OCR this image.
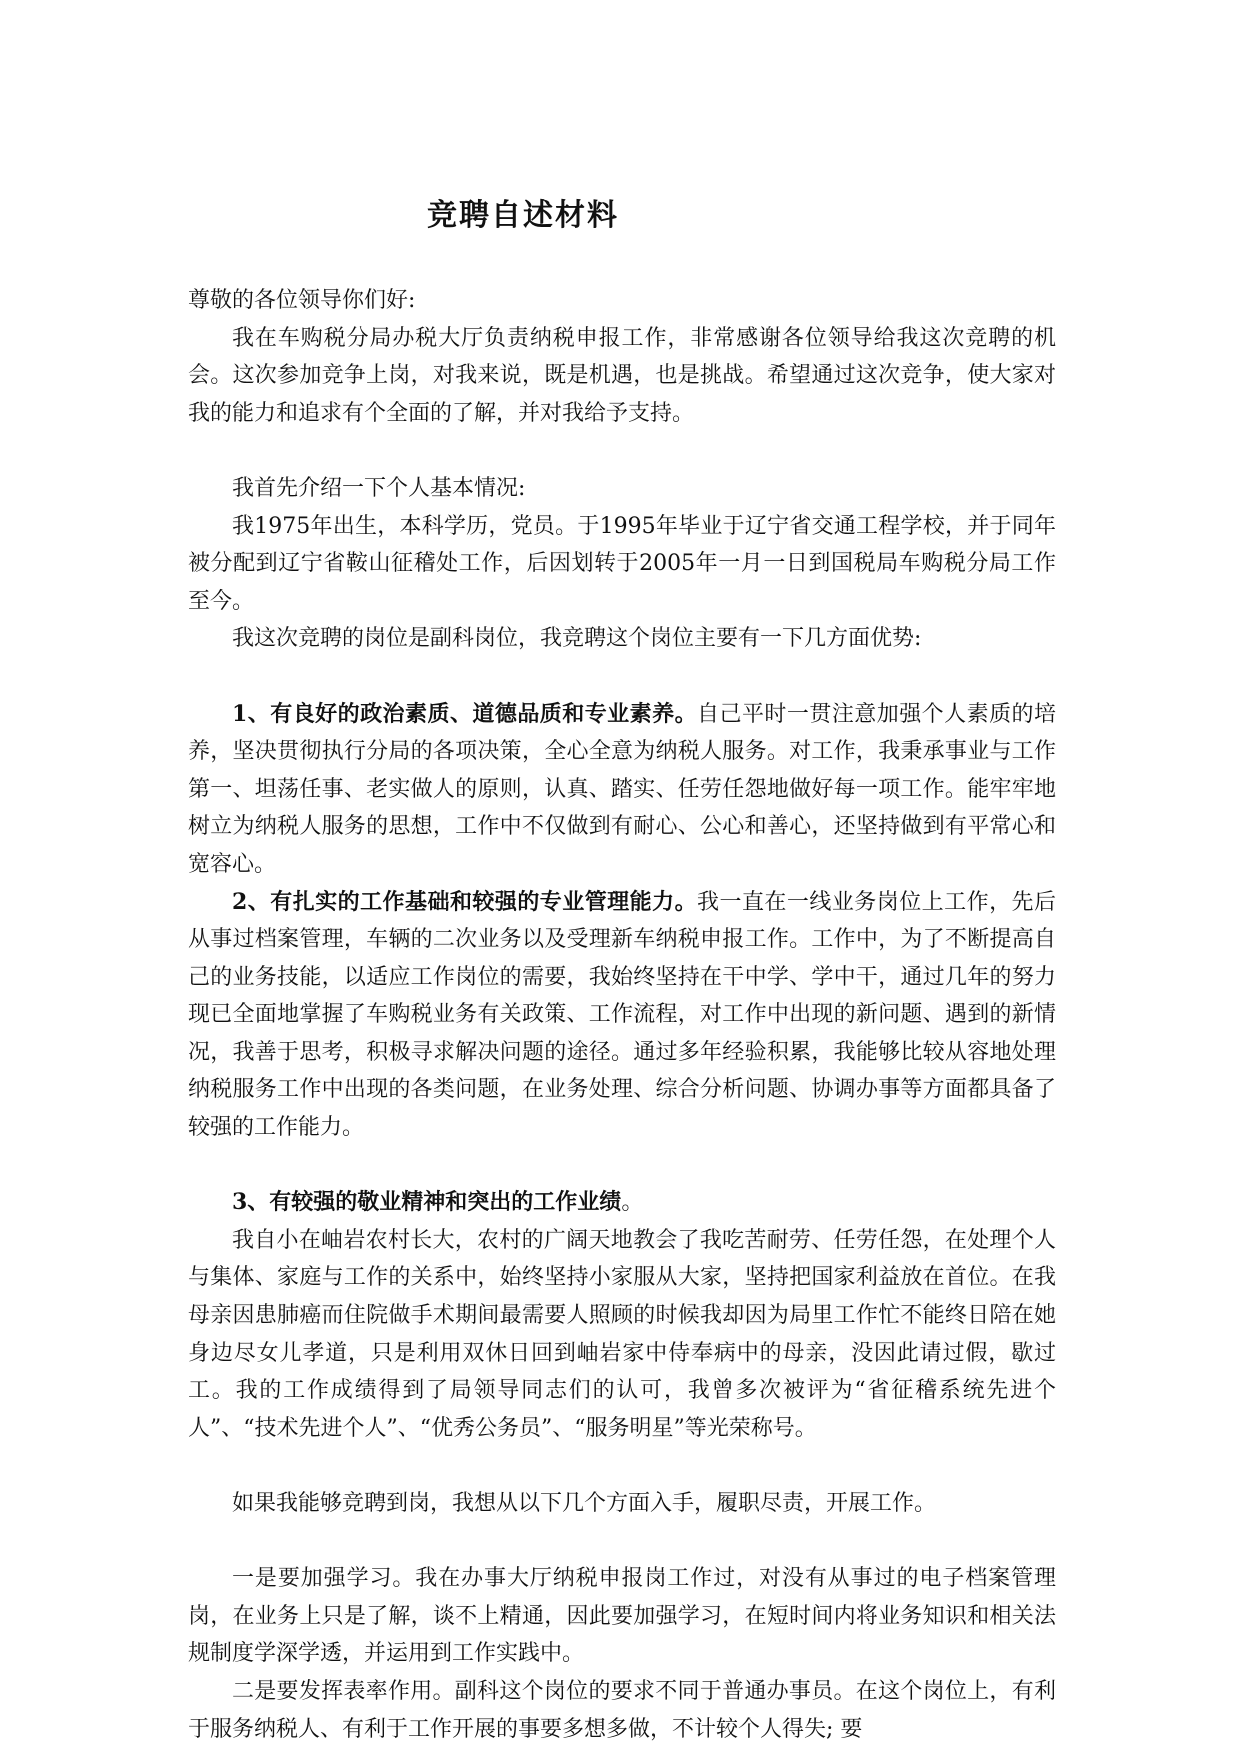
竞聘自述材料

尊敬的各位领导你们好:

我在车购税分局办税大厅负责纳税申报工作，非常感谢各位领导给我这次竞聘的机会。这次参加竞争上岗，对我来说，既是机遇，也是挑战。希望通过这次竞争，使大家对我的能力和追求有个全面的了解，并对我给予支持。

我首先介绍一下个人基本情况:

我1975年出生，本科学历，党员。于1995年毕业于辽宁省交通工程学校，并于同年被分配到辽宁省鞍山征稽处工作，后因划转于2005年一月一日到国税局车购税分局工作至今。

我这次竞聘的岗位是副科岗位，我竞聘这个岗位主要有一下几方面优势:

1、有良好的政治素质、道德品质和专业素养。自己平时一贯注意加强个人素质的培养，坚决贯彻执行分局的各项决策，全心全意为纳税人服务。对工作，我秉承事业与工作第一、坦荡任事、老实做人的原则，认真、踏实、任劳任怨地做好每一项工作。能牢牢地树立为纳税人服务的思想，工作中不仅做到有耐心、公心和善心，还坚持做到有平常心和宽容心。

2、有扎实的工作基础和较强的专业管理能力。我一直在一线业务岗位上工作，先后从事过档案管理，车辆的二次业务以及受理新车纳税申报工作。工作中，为了不断提高自己的业务技能，以适应工作岗位的需要，我始终坚持在干中学、学中干，通过几年的努力现已全面地掌握了车购税业务有关政策、工作流程，对工作中出现的新问题、遇到的新情况，我善于思考，积极寻求解决问题的途径。通过多年经验积累，我能够比较从容地处理纳税服务工作中出现的各类问题，在业务处理、综合分析问题、协调办事等方面都具备了较强的工作能力。

3、有较强的敬业精神和突出的工作业绩。

我自小在岫岩农村长大，农村的广阔天地教会了我吃苦耐劳、任劳任怨，在处理个人与集体、家庭与工作的关系中，始终坚持小家服从大家，坚持把国家利益放在首位。在我母亲因患肺癌而住院做手术期间最需要人照顾的时候我却因为局里工作忙不能终日陪在她身边尽女儿孝道，只是利用双休日回到岫岩家中侍奉病中的母亲，没因此请过假，歇过工。我的工作成绩得到了局领导同志们的认可，我曾多次被评为“省征稽系统先进个人”、“技术先进个人”、“优秀公务员”、“服务明星”等光荣称号。

如果我能够竞聘到岗，我想从以下几个方面入手，履职尽责，开展工作。

一是要加强学习。我在办事大厅纳税申报岗工作过，对没有从事过的电子档案管理岗，在业务上只是了解，谈不上精通，因此要加强学习，在短时间内将业务知识和相关法规制度学深学透，并运用到工作实践中。

二是要发挥表率作用。副科这个岗位的要求不同于普通办事员。在这个岗位上，有利于服务纳税人、有利于工作开展的事要多想多做，不计较个人得失; 要
